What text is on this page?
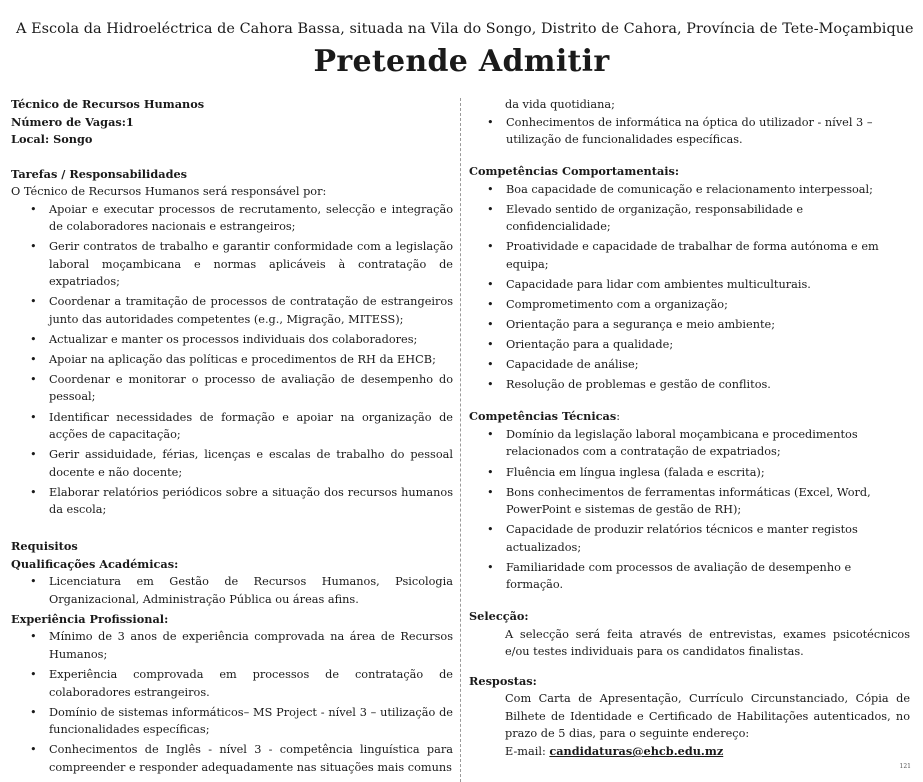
A Escola da Hidroeléctrica de Cahora Bassa, situada na Vila do Songo, Distrito de Cahora, Província de Tete-Moçambique
Pretende Admitir
Técnico de Recursos Humanos
Número de Vagas:1
Local: Songo
Tarefas / Responsabilidades
O Técnico de Recursos Humanos será responsável por:
• Apoiar e executar processos de recrutamento, selecção e integração de colaboradores nacionais e estrangeiros;
• Gerir contratos de trabalho e garantir conformidade com a legislação laboral moçambicana e normas aplicáveis à contratação de expatriados;
• Coordenar a tramitação de processos de contratação de estrangeiros junto das autoridades competentes (e.g., Migração, MITESS);
• Actualizar e manter os processos individuais dos colaboradores;
• Apoiar na aplicação das políticas e procedimentos de RH da EHCB;
• Coordenar e monitorar o processo de avaliação de desempenho do pessoal;
• Identificar necessidades de formação e apoiar na organização de acções de capacitação;
• Gerir assiduidade, férias, licenças e escalas de trabalho do pessoal docente e não docente;
• Elaborar relatórios periódicos sobre a situação dos recursos humanos da escola;
Requisitos
Qualificações Académicas:
• Licenciatura em Gestão de Recursos Humanos, Psicologia Organizacional, Administração Pública ou áreas afins.
Experiência Profissional:
• Mínimo de 3 anos de experiência comprovada na área de Recursos Humanos;
• Experiência comprovada em processos de contratação de colaboradores estrangeiros.
• Domínio de sistemas informáticos– MS Project - nível 3 – utilização de funcionalidades específicas;
• Conhecimentos de Inglês - nível 3 - competência linguística para compreender e responder adequadamente nas situações mais comuns
da vida quotidiana;
• Conhecimentos de informática na óptica do utilizador - nível 3 – utilização de funcionalidades específicas.
Competências Comportamentais:
• Boa capacidade de comunicação e relacionamento interpessoal;
• Elevado sentido de organização, responsabilidade e confidencialidade;
• Proatividade e capacidade de trabalhar de forma autónoma e em equipa;
• Capacidade para lidar com ambientes multiculturais.
• Comprometimento com a organização;
• Orientação para a segurança e meio ambiente;
• Orientação para a qualidade;
• Capacidade de análise;
• Resolução de problemas e gestão de conflitos.
Competências Técnicas:
• Domínio da legislação laboral moçambicana e procedimentos relacionados com a contratação de expatriados;
• Fluência em língua inglesa (falada e escrita);
• Bons conhecimentos de ferramentas informáticas (Excel, Word, PowerPoint e sistemas de gestão de RH);
• Capacidade de produzir relatórios técnicos e manter registos actualizados;
• Familiaridade com processos de avaliação de desempenho e formação.
Selecção:
A selecção será feita através de entrevistas, exames psicotécnicos e/ou testes individuais para os candidatos finalistas.
Respostas:
Com Carta de Apresentação, Currículo Circunstanciado, Cópia de Bilhete de Identidade e Certificado de Habilitações autenticados, no prazo de 5 dias, para o seguinte endereço:
E-mail: candidaturas@ehcb.edu.mz
121
